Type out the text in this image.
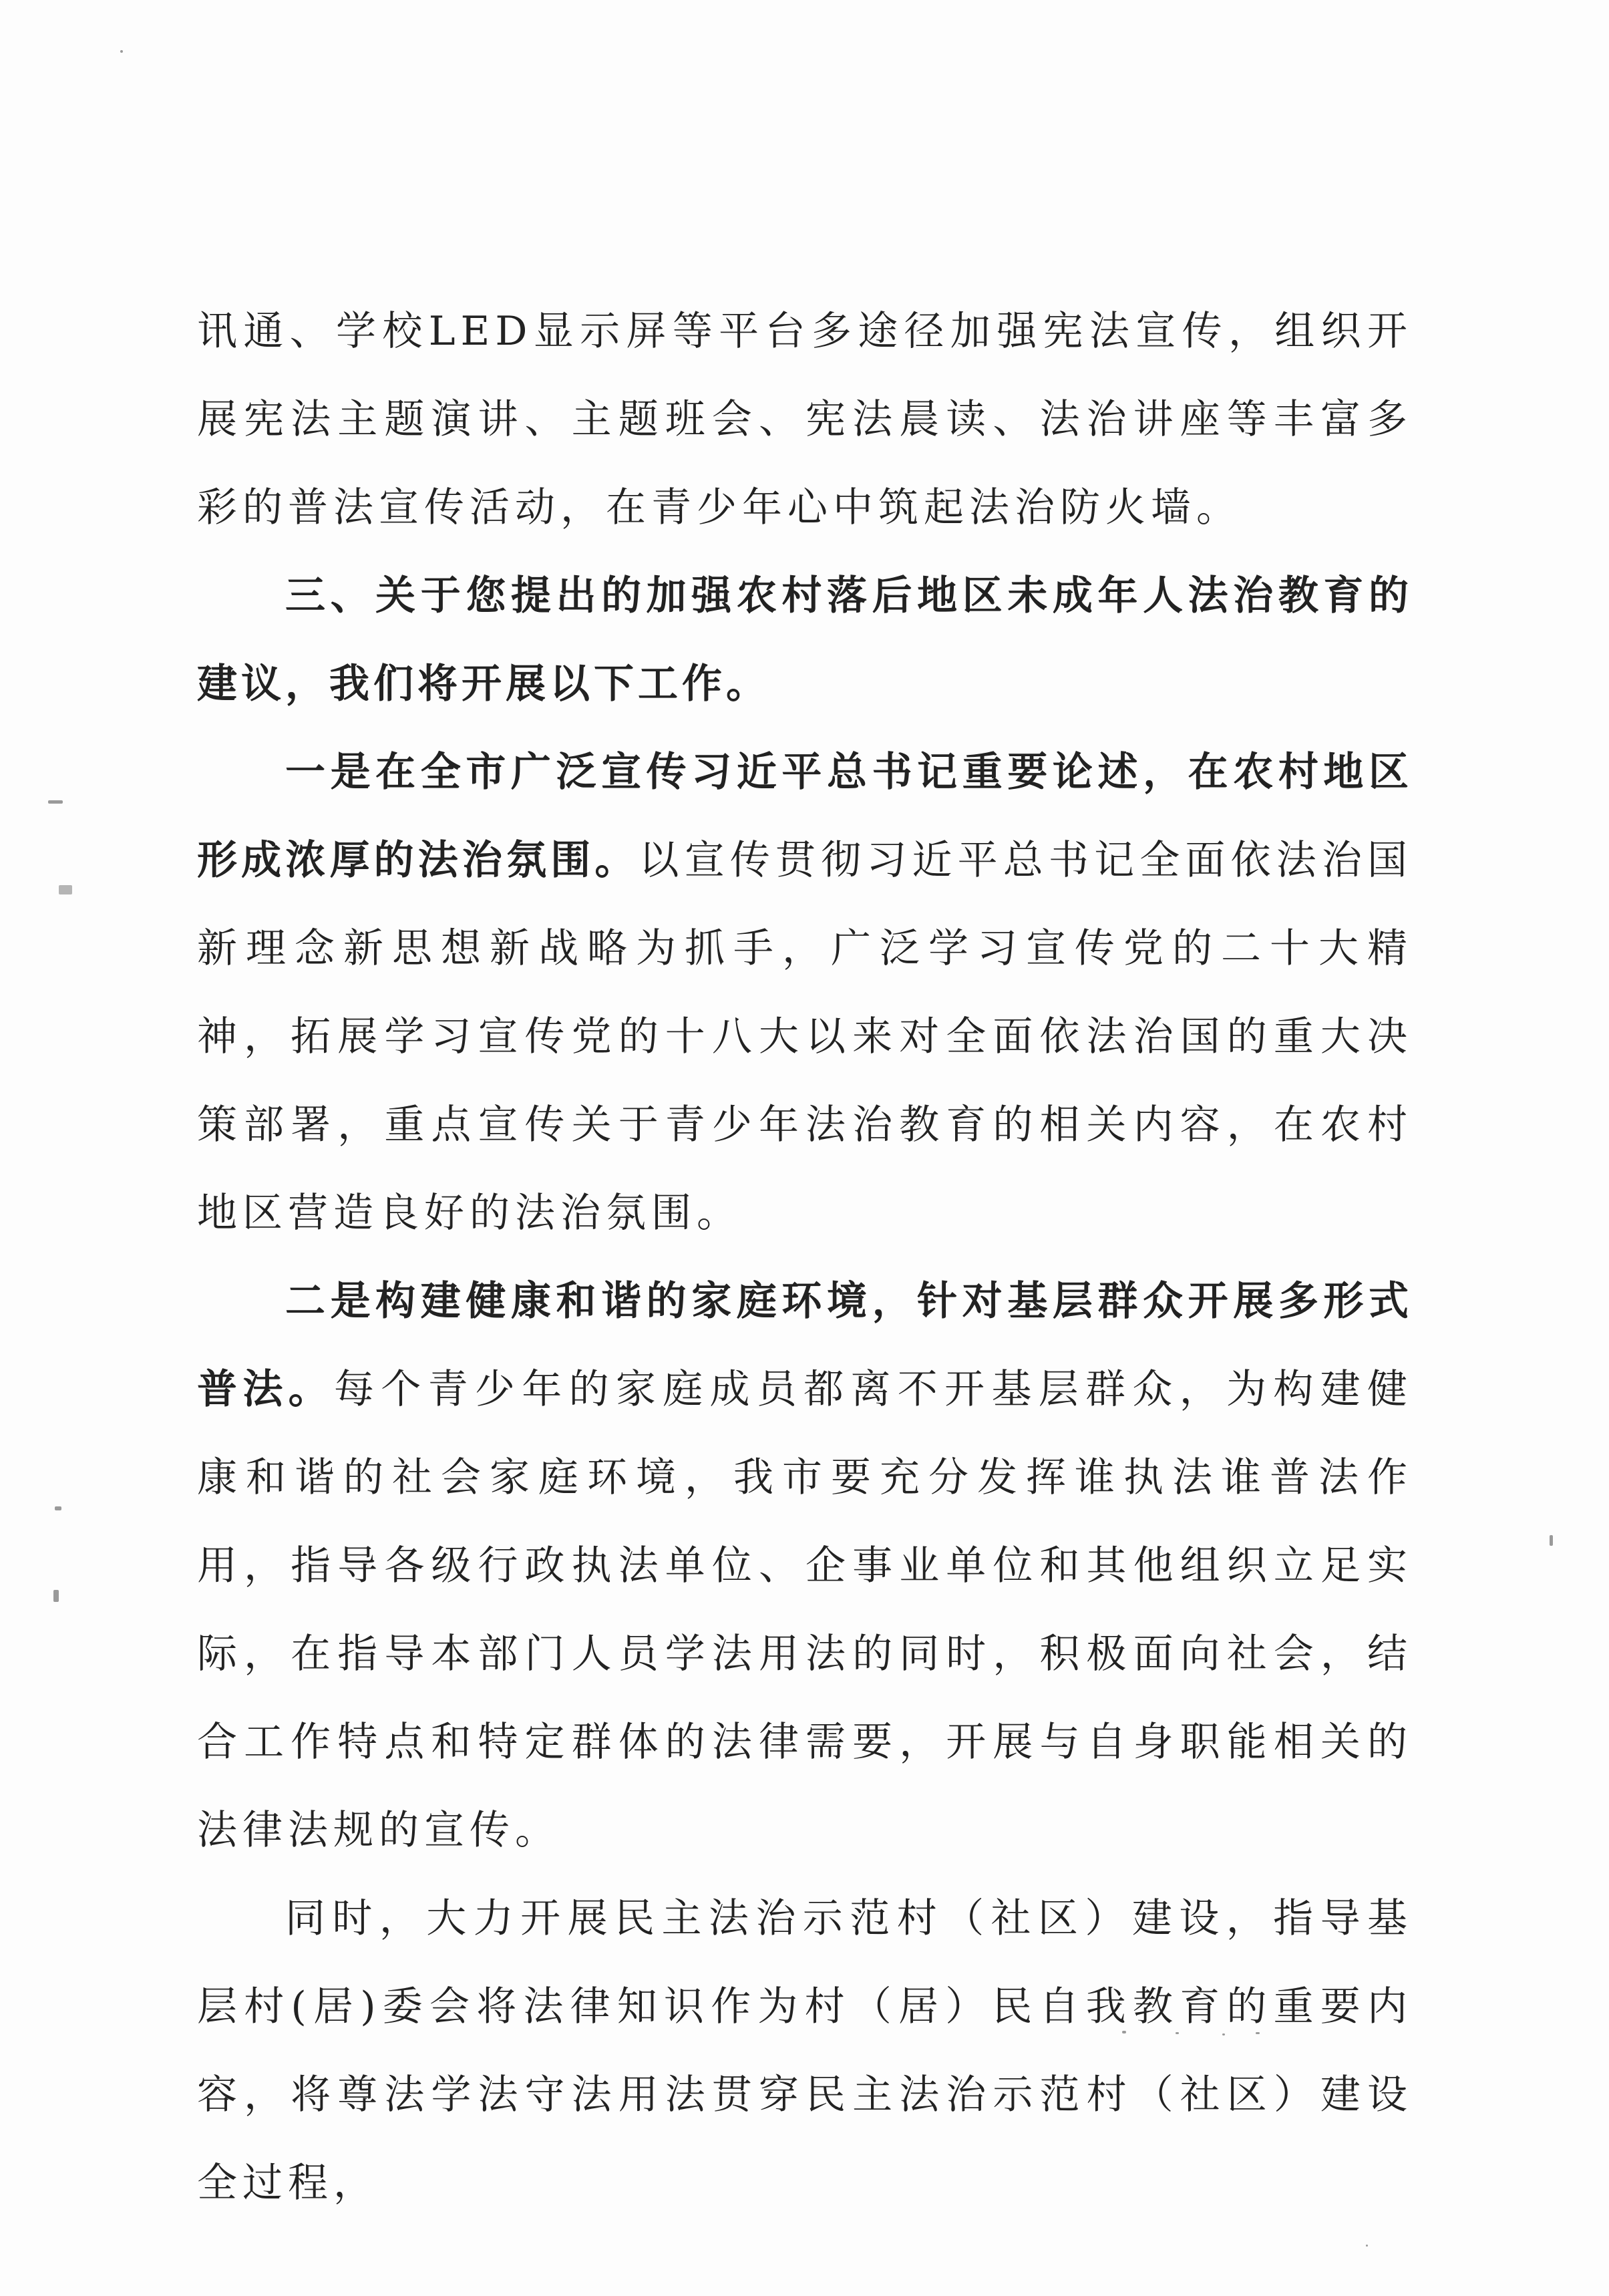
讯通、学校LED显示屏等平台多途径加强宪法宣传，组织开展宪法主题演讲、主题班会、宪法晨读、法治讲座等丰富多彩的普法宣传活动，在青少年心中筑起法治防火墙。

三、关于您提出的加强农村落后地区未成年人法治教育的建议，我们将开展以下工作。

一是在全市广泛宣传习近平总书记重要论述，在农村地区形成浓厚的法治氛围。以宣传贯彻习近平总书记全面依法治国新理念新思想新战略为抓手，广泛学习宣传党的二十大精神，拓展学习宣传党的十八大以来对全面依法治国的重大决策部署，重点宣传关于青少年法治教育的相关内容，在农村地区营造良好的法治氛围。

二是构建健康和谐的家庭环境，针对基层群众开展多形式普法。每个青少年的家庭成员都离不开基层群众，为构建健康和谐的社会家庭环境，我市要充分发挥谁执法谁普法作用，指导各级行政执法单位、企事业单位和其他组织立足实际，在指导本部门人员学法用法的同时，积极面向社会，结合工作特点和特定群体的法律需要，开展与自身职能相关的法律法规的宣传。

同时，大力开展民主法治示范村（社区）建设，指导基层村(居)委会将法律知识作为村（居）民自我教育的重要内容，将尊法学法守法用法贯穿民主法治示范村（社区）建设全过程，
